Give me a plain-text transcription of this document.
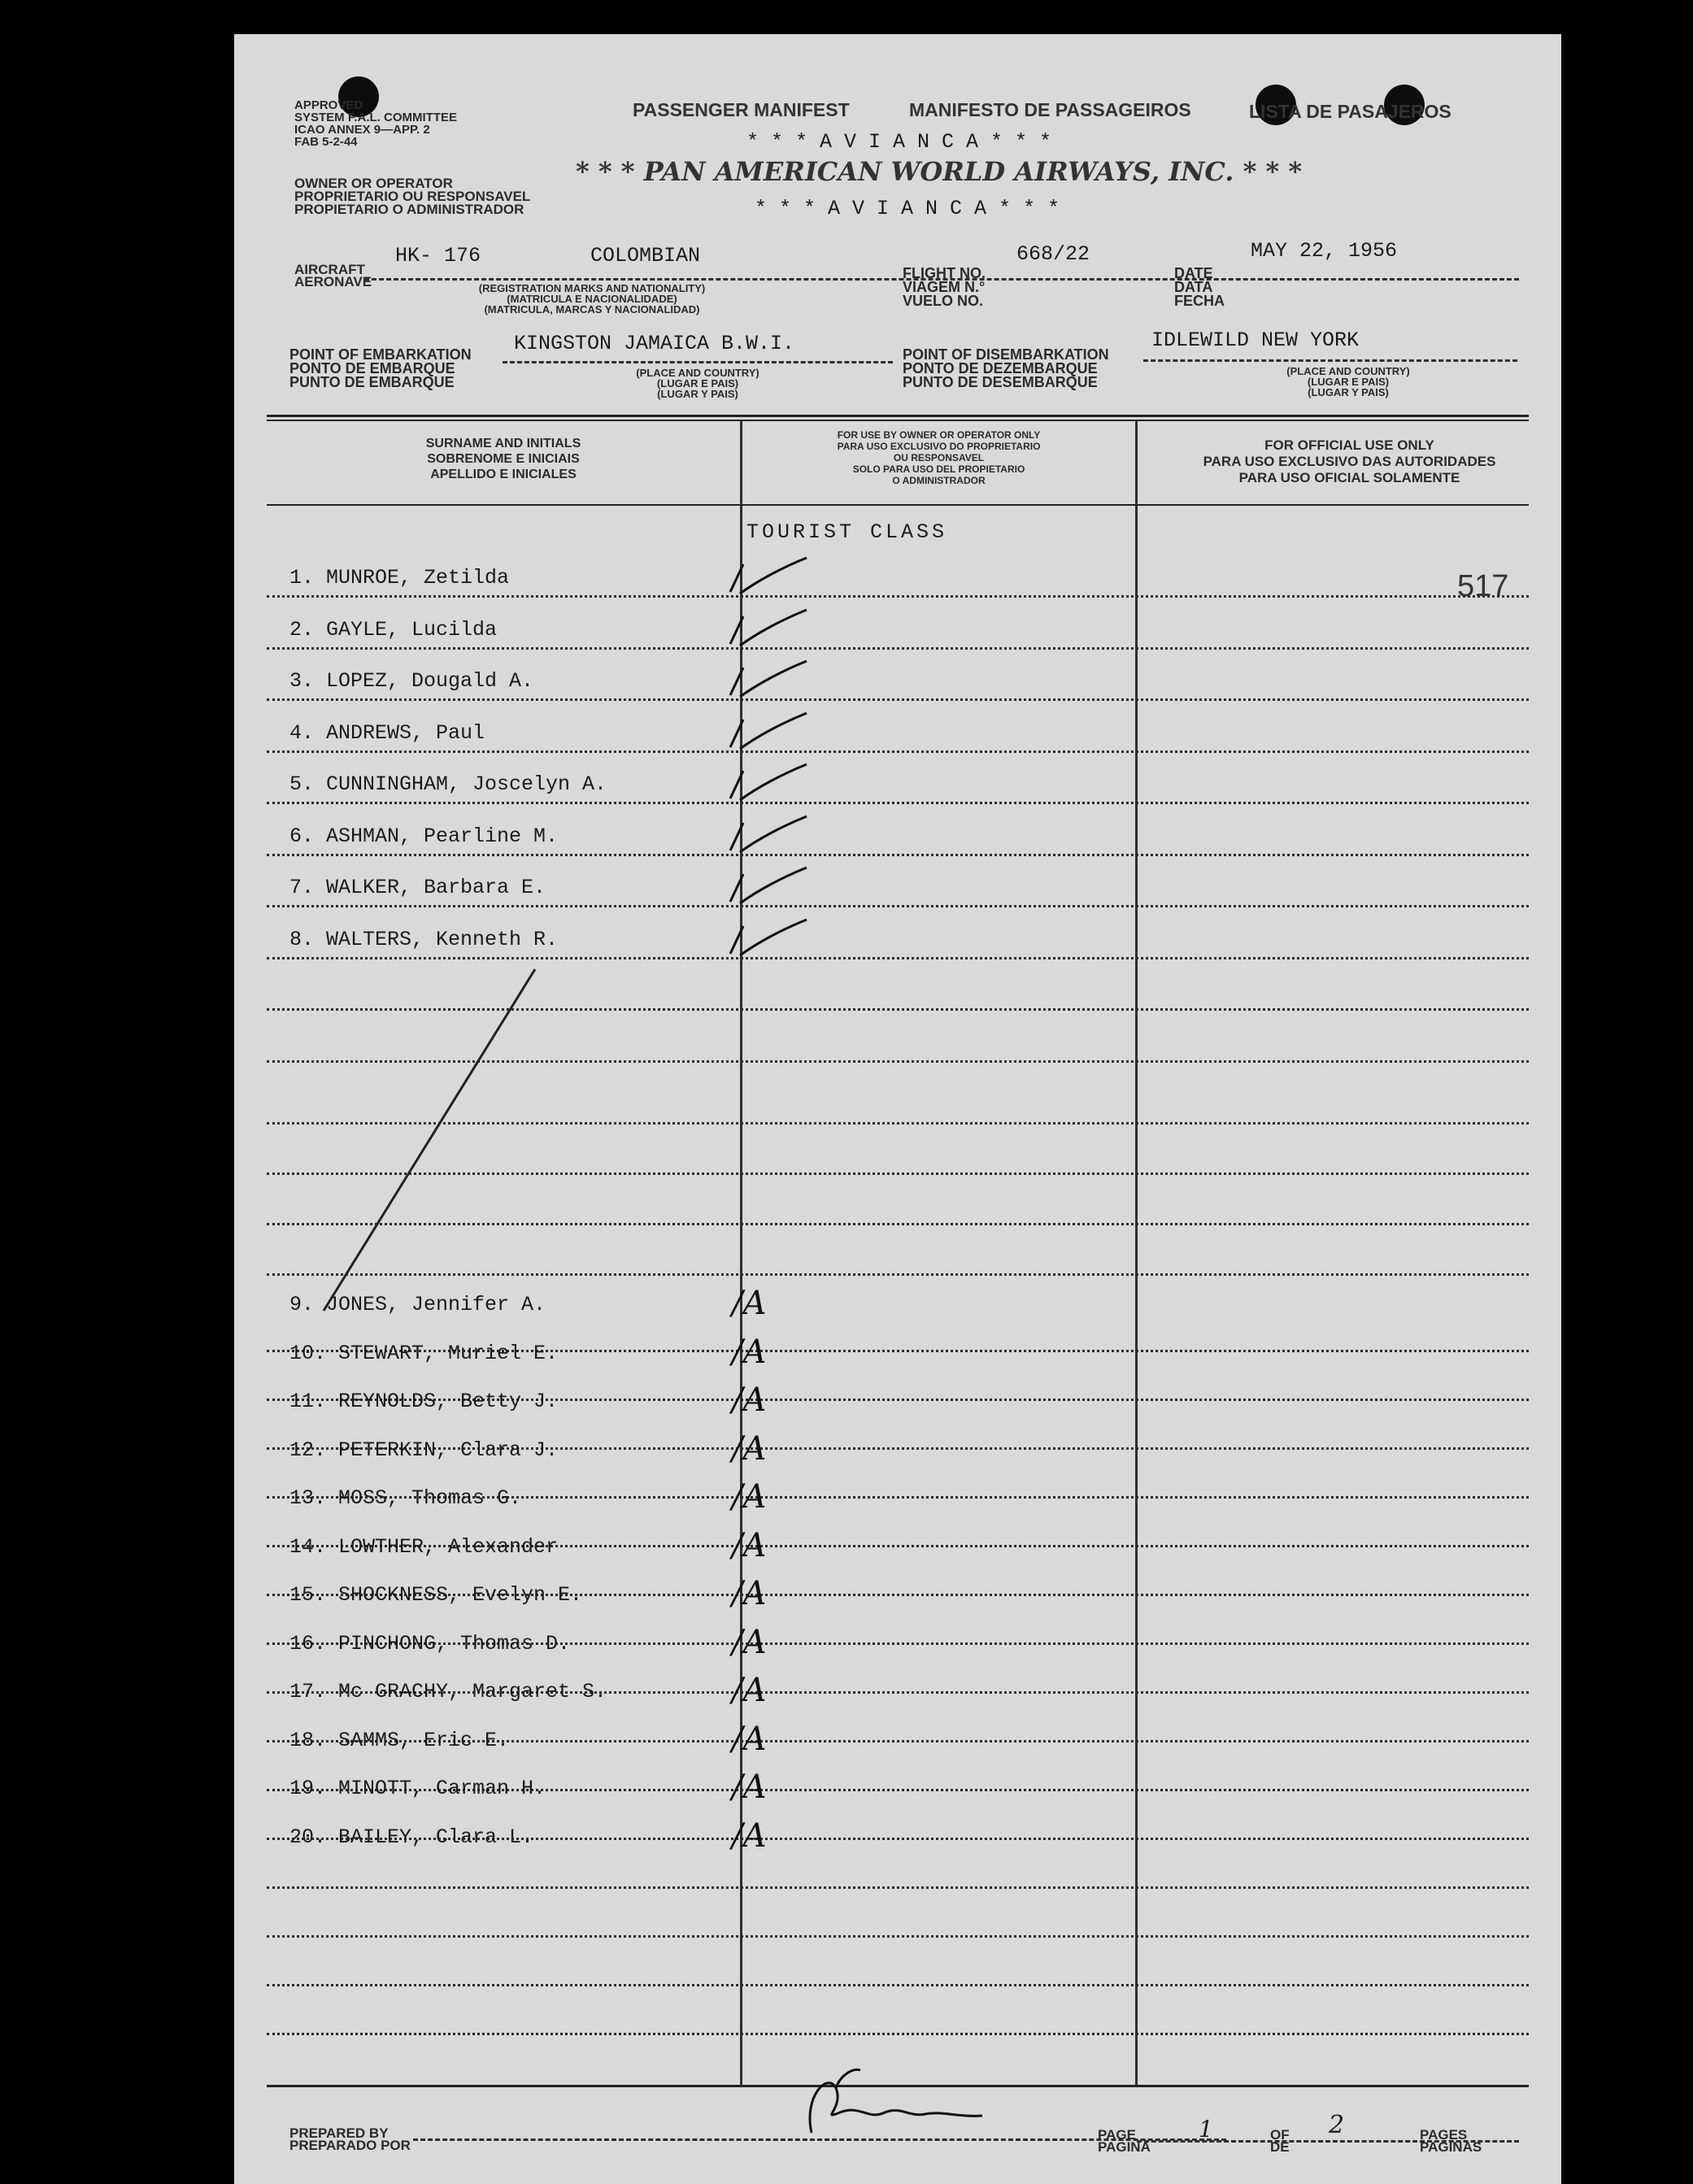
APPROVED
SYSTEM F.A.L. COMMITTEE
ICAO ANNEX 9—APP. 2
FAB 5-2-44
OWNER OR OPERATOR
PROPRIETARIO OU RESPONSAVEL
PROPIETARIO O ADMINISTRADOR
PASSENGER MANIFEST	MANIFESTO DE PASSAGEIROS	LISTA DE PASAJEROS
* * * A V I A N C A * * *
* * * PAN AMERICAN WORLD AIRWAYS, INC. * * *
* * * A V I A N C A * * *
AIRCRAFT
AERONAVE
HK- 176	COLOMBIAN
(REGISTRATION MARKS AND NATIONALITY)
(MATRICULA E NACIONALIDADE)
(MATRICULA, MARCAS Y NACIONALIDAD)
FLIGHT NO.
VIAGEM N.°
VUELO NO.
668/22
DATE
DATA
FECHA
MAY 22, 1956
POINT OF EMBARKATION
PONTO DE EMBARQUE
PUNTO DE EMBARQUE
KINGSTON JAMAICA B.W.I.
(PLACE AND COUNTRY)
(LUGAR E PAIS)
(LUGAR Y PAIS)
POINT OF DISEMBARKATION
PONTO DE DEZEMBARQUE
PUNTO DE DESEMBARQUE
IDLEWILD NEW YORK
(PLACE AND COUNTRY)
(LUGAR E PAIS)
(LUGAR Y PAIS)
SURNAME AND INITIALS
SOBRENOME E INICIAIS
APELLIDO E INICIALES
FOR USE BY OWNER OR OPERATOR ONLY
PARA USO EXCLUSIVO DO PROPRIETARIO
OU RESPONSAVEL
SOLO PARA USO DEL PROPIETARIO
O ADMINISTRADOR
FOR OFFICIAL USE ONLY
PARA USO EXCLUSIVO DAS AUTORIDADES
PARA USO OFICIAL SOLAMENTE
TOURIST CLASS
517
1. MUNROE, Zetilda
2. GAYLE, Lucilda
3. LOPEZ, Dougald A.
4. ANDREWS, Paul
5. CUNNINGHAM, Joscelyn A.
6. ASHMAN, Pearline M.
7. WALKER, Barbara E.
8. WALTERS, Kenneth R.
9. JONES, Jennifer A.	/A
10. STEWART, Muriel E.	/A
11. REYNOLDS, Betty J.	/A
12. PETERKIN, Clara J.	/A
13. MOSS, Thomas G.	/A
14. LOWTHER, Alexander	/A
15. SHOCKNESS, Evelyn E.	/A
16. PINCHONG, Thomas D.	/A
17. Mc GRACHY, Margaret S.	/A
18. SAMMS, Eric E.	/A
19. MINOTT, Carman H.	/A
20. BAILEY, Clara L.	/A
PREPARED BY
PREPARADO POR
PAGE
PAGINA
1	OF
DE
2	PAGES
PAGINAS
